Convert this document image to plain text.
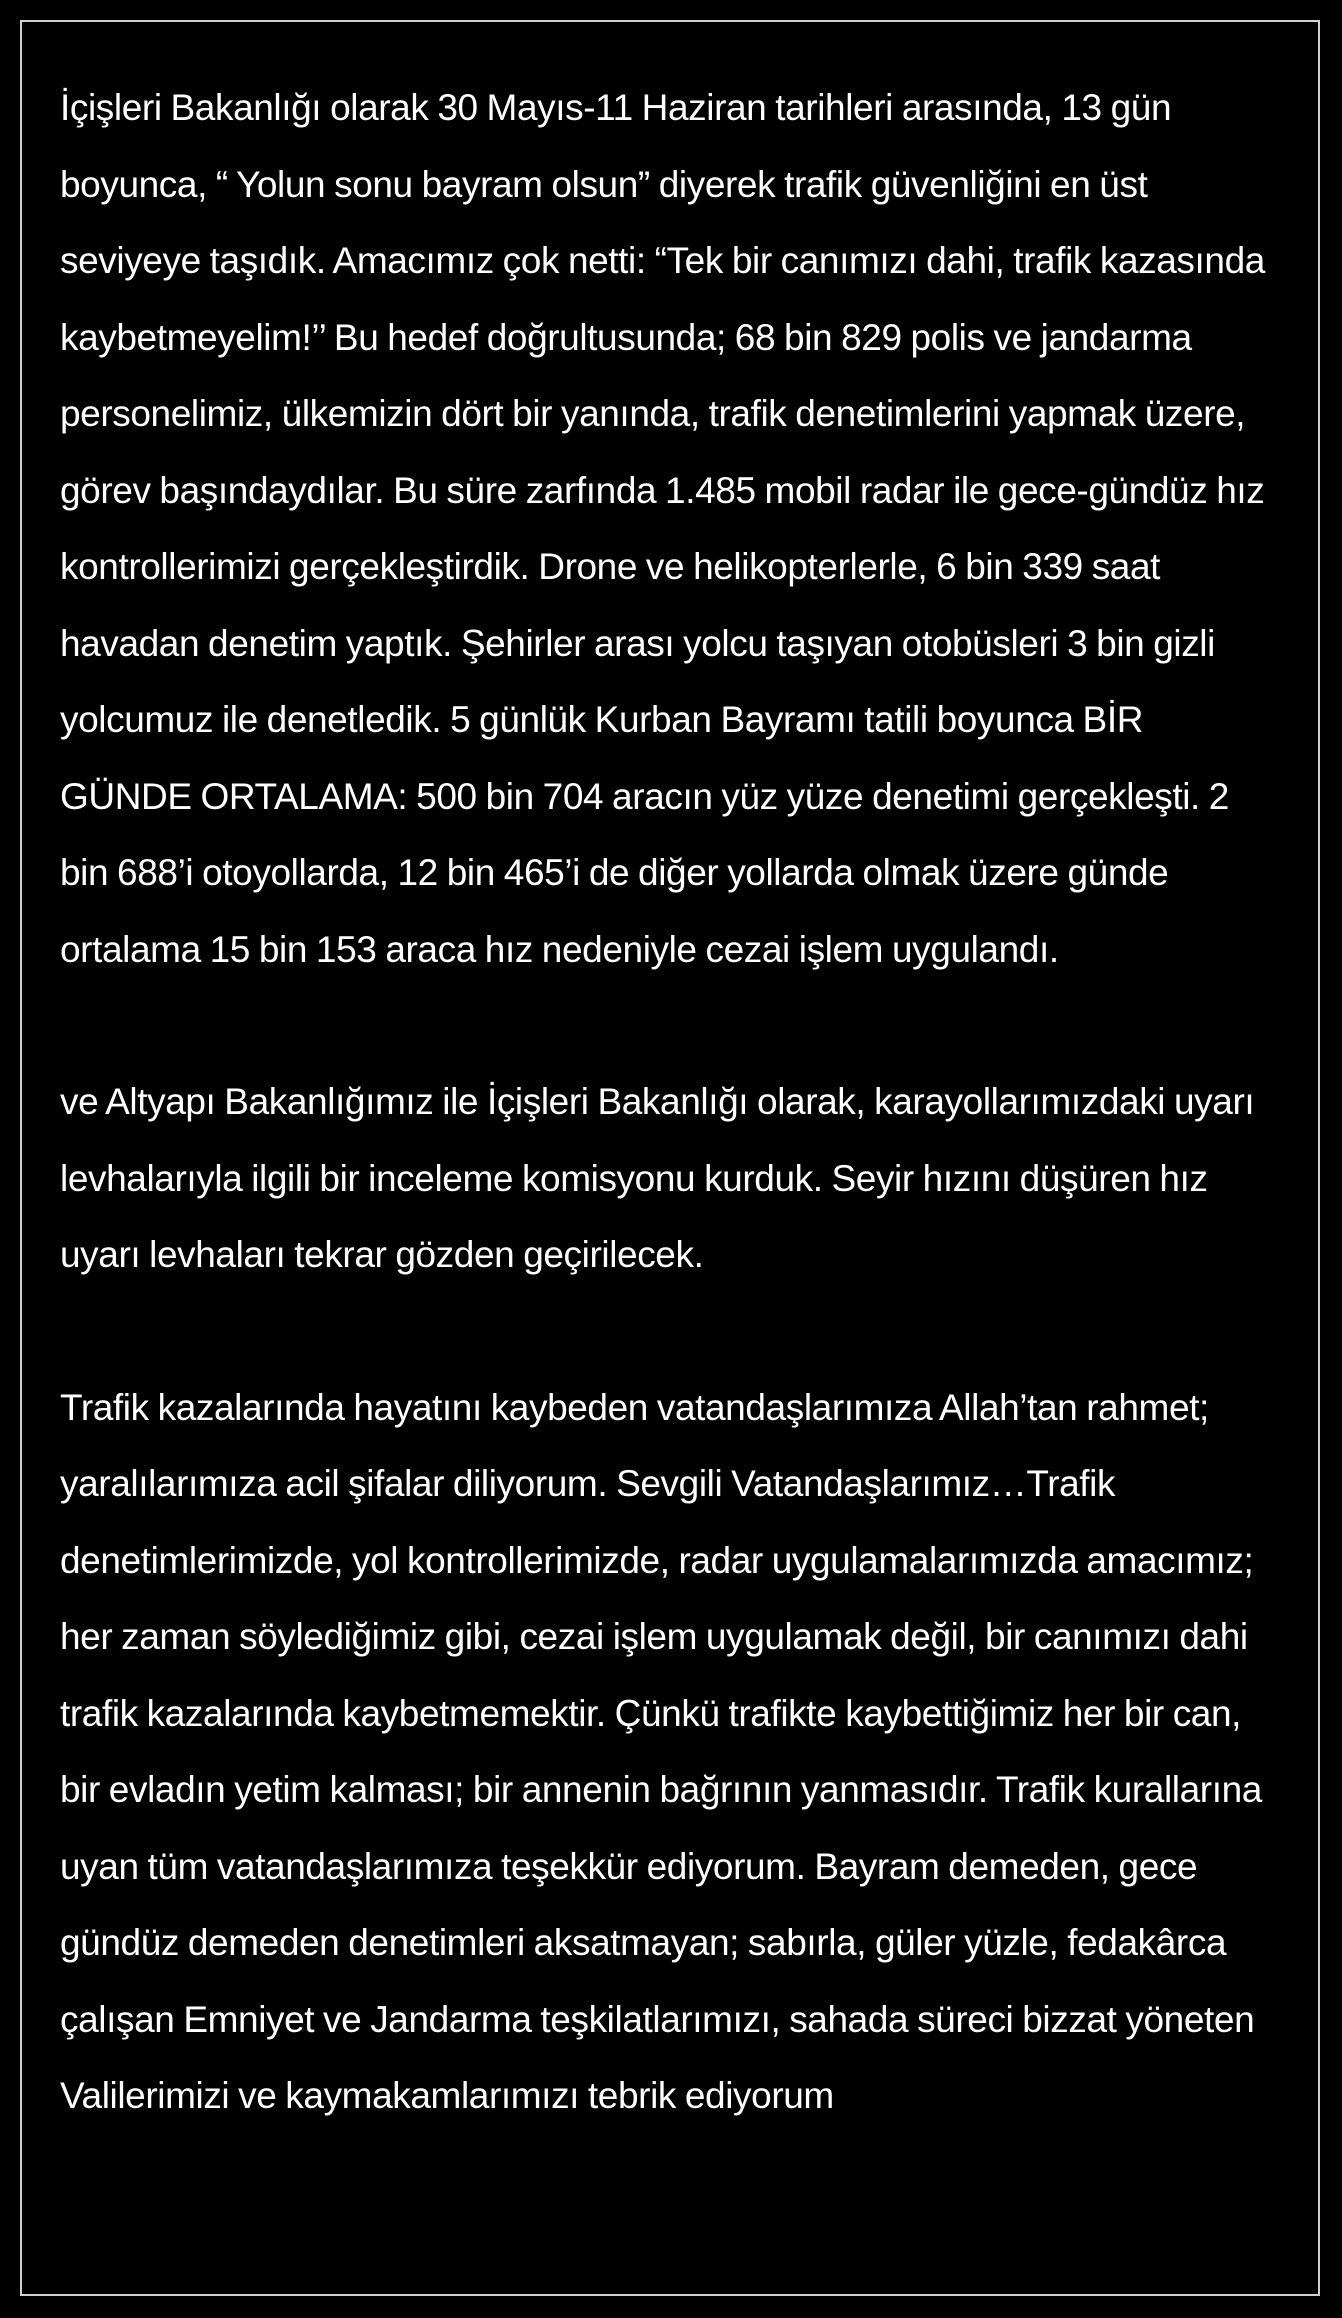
İçişleri Bakanlığı olarak 30 Mayıs-11 Haziran tarihleri arasında, 13 gün boyunca, “ Yolun sonu bayram olsun” diyerek trafik güvenliğini en üst seviyeye taşıdık. Amacımız çok netti: “Tek bir canımızı dahi, trafik kazasında kaybetmeyelim!’’ Bu hedef doğrultusunda; 68 bin 829 polis ve jandarma personelimiz, ülkemizin dört bir yanında, trafik denetimlerini yapmak üzere, görev başındaydılar. Bu süre zarfında 1.485 mobil radar ile gece-gündüz hız kontrollerimizi gerçekleştirdik. Drone ve helikopterlerle, 6 bin 339 saat havadan denetim yaptık. Şehirler arası yolcu taşıyan otobüsleri 3 bin gizli yolcumuz ile denetledik. 5 günlük Kurban Bayramı tatili boyunca BİR GÜNDE ORTALAMA: 500 bin 704 aracın yüz yüze denetimi gerçekleşti. 2 bin 688’i otoyollarda, 12 bin 465’i de diğer yollarda olmak üzere günde ortalama 15 bin 153 araca hız nedeniyle cezai işlem uygulandı.

ve Altyapı Bakanlığımız ile İçişleri Bakanlığı olarak, karayollarımızdaki uyarı levhalarıyla ilgili bir inceleme komisyonu kurduk. Seyir hızını düşüren hız uyarı levhaları tekrar gözden geçirilecek.

Trafik kazalarında hayatını kaybeden vatandaşlarımıza Allah’tan rahmet; yaralılarımıza acil şifalar diliyorum. Sevgili Vatandaşlarımız…Trafik denetimlerimizde, yol kontrollerimizde, radar uygulamalarımızda amacımız; her zaman söylediğimiz gibi, cezai işlem uygulamak değil, bir canımızı dahi trafik kazalarında kaybetmemektir. Çünkü trafikte kaybettiğimiz her bir can, bir evladın yetim kalması; bir annenin bağrının yanmasıdır. Trafik kurallarına uyan tüm vatandaşlarımıza teşekkür ediyorum. Bayram demeden, gece gündüz demeden denetimleri aksatmayan; sabırla, güler yüzle, fedakârca çalışan Emniyet ve Jandarma teşkilatlarımızı, sahada süreci bizzat yöneten Valilerimizi ve kaymakamlarımızı tebrik ediyorum
